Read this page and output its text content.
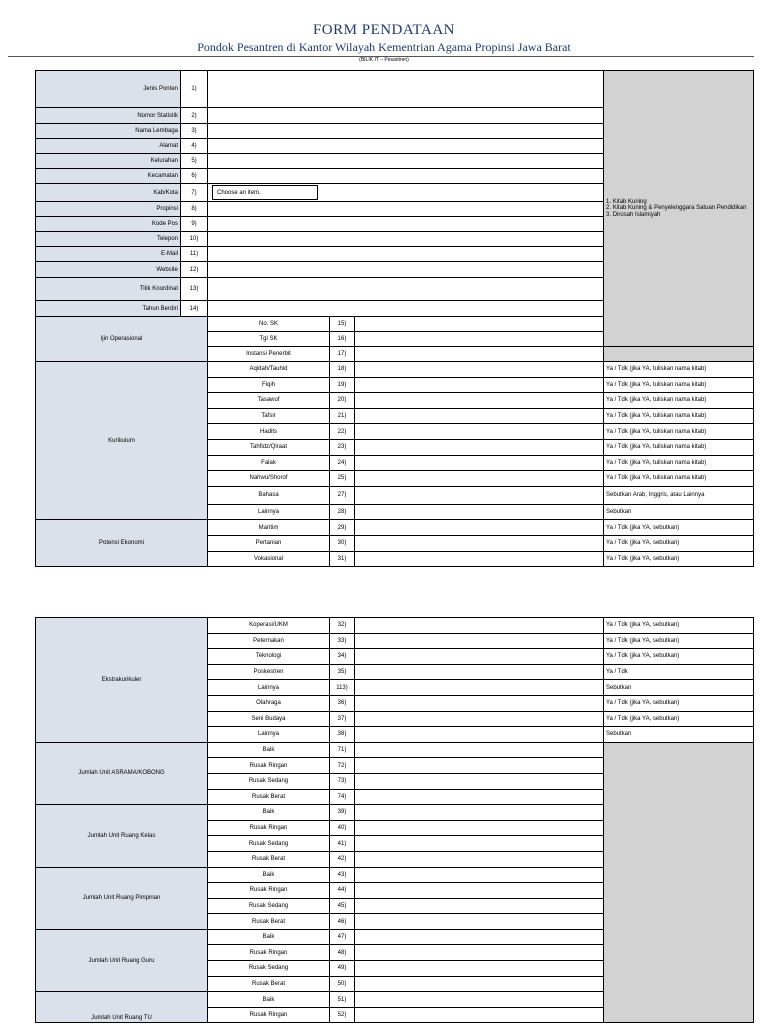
FORM PENDATAAN
Pondok Pesantren di Kantor Wilayah Kementrian Agama Propinsi Jawa Barat
(BILIK IT – Pesantren)
Jenis Ponten	1)				1. Kitab Kuning
2. Kitab Kuning & Penyelenggara Satuan Pendidikan
3. Dirosah Islamiyah

Nomor Statistik	2)				
Nama Lembaga	3)				
Alamat	4)				
Kelurahan	5)				
Kecamatan	6)				
Kab/Kota	7)	Choose an item.			
Propinsi	8)				
Kode Pos	9)				
Telepon	10)				
E-Mail	11)				
Website	12)				
Titik Koordinat	13)				
Tahun Berdiri	14)				
Ijin Operasional		No. SK	15)		
		Tgl SK	16)		
		Instansi Penerbit	17)		
Kurikulum		Aqidah/Tauhid	18)		Ya / Tdk (jika YA, tuliskan nama kitab)
		Fiqih	19)		Ya / Tdk (jika YA, tuliskan nama kitab)
		Tasawuf	20)		Ya / Tdk (jika YA, tuliskan nama kitab)
		Tafsir	21)		Ya / Tdk (jika YA, tuliskan nama kitab)
		Hadits	22)		Ya / Tdk (jika YA, tuliskan nama kitab)
		Tahfidz/Qiraat	23)		Ya / Tdk (jika YA, tuliskan nama kitab)
		Falak	24)		Ya / Tdk (jika YA, tuliskan nama kitab)
		Nahwu/Shorof	25)		Ya / Tdk (jika YA, tuliskan nama kitab)
		Bahasa	27)		Sebutkan Arab, Inggris, atau Lainnya
		Lainnya	28)		Sebutkan
Potensi Ekonomi		Maritim	29)		Ya / Tdk (jika YA, sebutkan)
		Pertanian	30)		Ya / Tdk (jika YA, sebutkan)
		Vokasional	31)		Ya / Tdk (jika YA, sebutkan)
Ekstrakurikuler	Koperasi/UKM	32)		Ya / Tdk (jika YA, sebutkan)
	Peternakan	33)		Ya / Tdk (jika YA, sebutkan)
	Teknologi	34)		Ya / Tdk (jika YA, sebutkan)
	Poskestren	35)		Ya / Tdk
	Lainnya	113)		Sebutkan
	Olahraga	36)		Ya / Tdk (jika YA, sebutkan)
	Seni Budaya	37)		Ya / Tdk (jika YA, sebutkan)
	Lainnya	38)		Sebutkan
Jumlah Unit ASRAMA/KOBONG	Baik	71)		
	Rusak Ringan	72)		
	Rusak Sedang	73)		
	Rusak Berat	74)		
Jumlah Unit Ruang Kelas	Baik	39)		
	Rusak Ringan	40)		
	Rusak Sedang	41)		
	Rusak Berat	42)		
Jumlah Unit Ruang Pimpinan	Baik	43)		
	Rusak Ringan	44)		
	Rusak Sedang	45)		
	Rusak Berat	46)		
Jumlah Unit Ruang Guru	Baik	47)		
	Rusak Ringan	48)		
	Rusak Sedang	49)		
	Rusak Berat	50)		
Jumlah Unit Ruang TU	Baik	51)		
	Rusak Ringan	52)		
